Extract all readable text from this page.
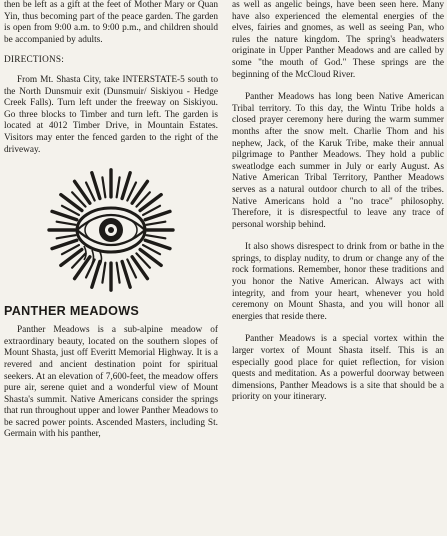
then be left as a gift at the feet of Mother Mary or Quan Yin, thus becoming part of the peace garden. The garden is open from 9:00 a.m. to 9:00 p.m., and children should be accompanied by adults.

DIRECTIONS:

From Mt. Shasta City, take INTERSTATE-5 south to the North Dunsmuir exit (Dunsmuir/ Siskiyou - Hedge Creek Falls). Turn left under the freeway on Siskiyou. Go three blocks to Timber and turn left. The garden is located at 4012 Timber Drive, in Mountain Estates. Visitors may enter the fenced garden to the right of the driveway.

PANTHER MEADOWS

Panther Meadows is a sub-alpine meadow of extraordinary beauty, located on the southern slopes of Mount Shasta, just off Everitt Memorial Highway. It is a revered and ancient destination point for spiritual seekers. At an elevation of 7,600-feet, the meadow offers pure air, serene quiet and a wonderful view of Mount Shasta's summit. Native Americans consider the springs that run throughout upper and lower Panther Meadows to be sacred power points. Ascended Masters, including St. Germain with his panther,

as well as angelic beings, have been seen here. Many have also experienced the elemental energies of the elves, fairies and gnomes, as well as seeing Pan, who rules the nature kingdom. The spring's headwaters originate in Upper Panther Meadows and are called by some "the mouth of God." These springs are the beginning of the McCloud River.

Panther Meadows has long been Native American Tribal territory. To this day, the Wintu Tribe holds a closed prayer ceremony here during the warm summer months after the snow melt. Charlie Thom and his nephew, Jack, of the Karuk Tribe, make their annual pilgrimage to Panther Meadows. They hold a public sweatlodge each summer in July or early August. As Native American Tribal Territory, Panther Meadows serves as a natural outdoor church to all of the tribes. Native Americans hold a "no trace" philosophy. Therefore, it is disrespectful to leave any trace of personal worship behind.

It also shows disrespect to drink from or bathe in the springs, to display nudity, to drum or change any of the rock formations. Remember, honor these traditions and you honor the Native American. Always act with integrity, and from your heart, whenever you hold ceremony on Mount Shasta, and you will honor all energies that reside there.

Panther Meadows is a special vortex within the larger vortex of Mount Shasta itself. This is an especially good place for quiet reflection, for vision quests and meditation. As a powerful doorway between dimensions, Panther Meadows is a site that should be a priority on your itinerary.
